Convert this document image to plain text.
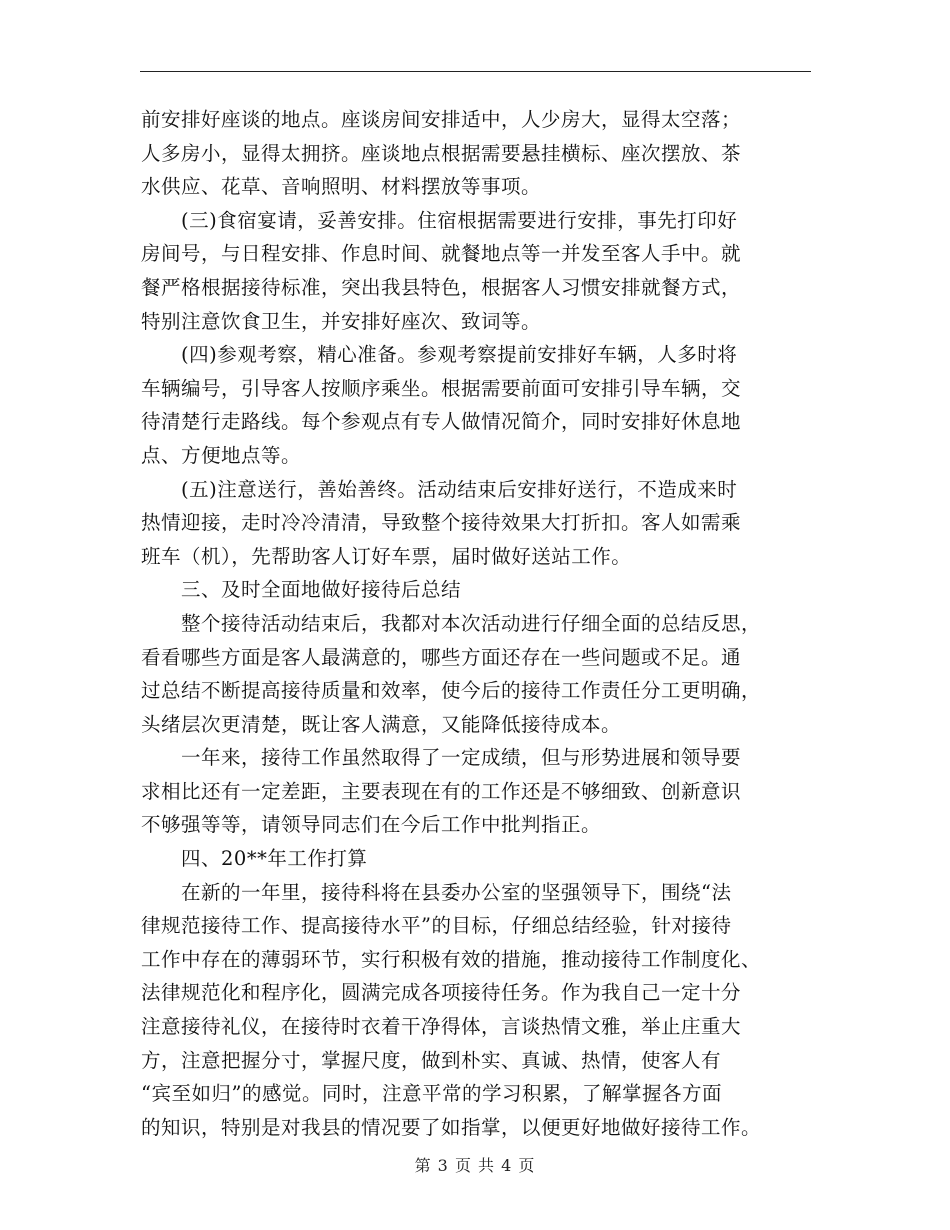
前安排好座谈的地点。座谈房间安排适中，人少房大，显得太空落；
人多房小，显得太拥挤。座谈地点根据需要悬挂横标、座次摆放、茶
水供应、花草、音响照明、材料摆放等事项。
　　(三)食宿宴请，妥善安排。住宿根据需要进行安排，事先打印好
房间号，与日程安排、作息时间、就餐地点等一并发至客人手中。就
餐严格根据接待标准，突出我县特色，根据客人习惯安排就餐方式，
特别注意饮食卫生，并安排好座次、致词等。
　　(四)参观考察，精心准备。参观考察提前安排好车辆，人多时将
车辆编号，引导客人按顺序乘坐。根据需要前面可安排引导车辆，交
待清楚行走路线。每个参观点有专人做情况简介，同时安排好休息地
点、方便地点等。
　　(五)注意送行，善始善终。活动结束后安排好送行，不造成来时
热情迎接，走时冷冷清清，导致整个接待效果大打折扣。客人如需乘
班车（机），先帮助客人订好车票，届时做好送站工作。
　　三、及时全面地做好接待后总结
　　整个接待活动结束后，我都对本次活动进行仔细全面的总结反思，
看看哪些方面是客人最满意的，哪些方面还存在一些问题或不足。通
过总结不断提高接待质量和效率，使今后的接待工作责任分工更明确，
头绪层次更清楚，既让客人满意，又能降低接待成本。
　　一年来，接待工作虽然取得了一定成绩，但与形势进展和领导要
求相比还有一定差距，主要表现在有的工作还是不够细致、创新意识
不够强等等，请领导同志们在今后工作中批判指正。
　　四、20**年工作打算
　　在新的一年里，接待科将在县委办公室的坚强领导下，围绕“法
律规范接待工作、提高接待水平”的目标，仔细总结经验，针对接待
工作中存在的薄弱环节，实行积极有效的措施，推动接待工作制度化、
法律规范化和程序化，圆满完成各项接待任务。作为我自己一定十分
注意接待礼仪，在接待时衣着干净得体，言谈热情文雅，举止庄重大
方，注意把握分寸，掌握尺度，做到朴实、真诚、热情，使客人有
“宾至如归”的感觉。同时，注意平常的学习积累，了解掌握各方面
的知识，特别是对我县的情况要了如指掌，以便更好地做好接待工作。
第 3 页 共 4 页
